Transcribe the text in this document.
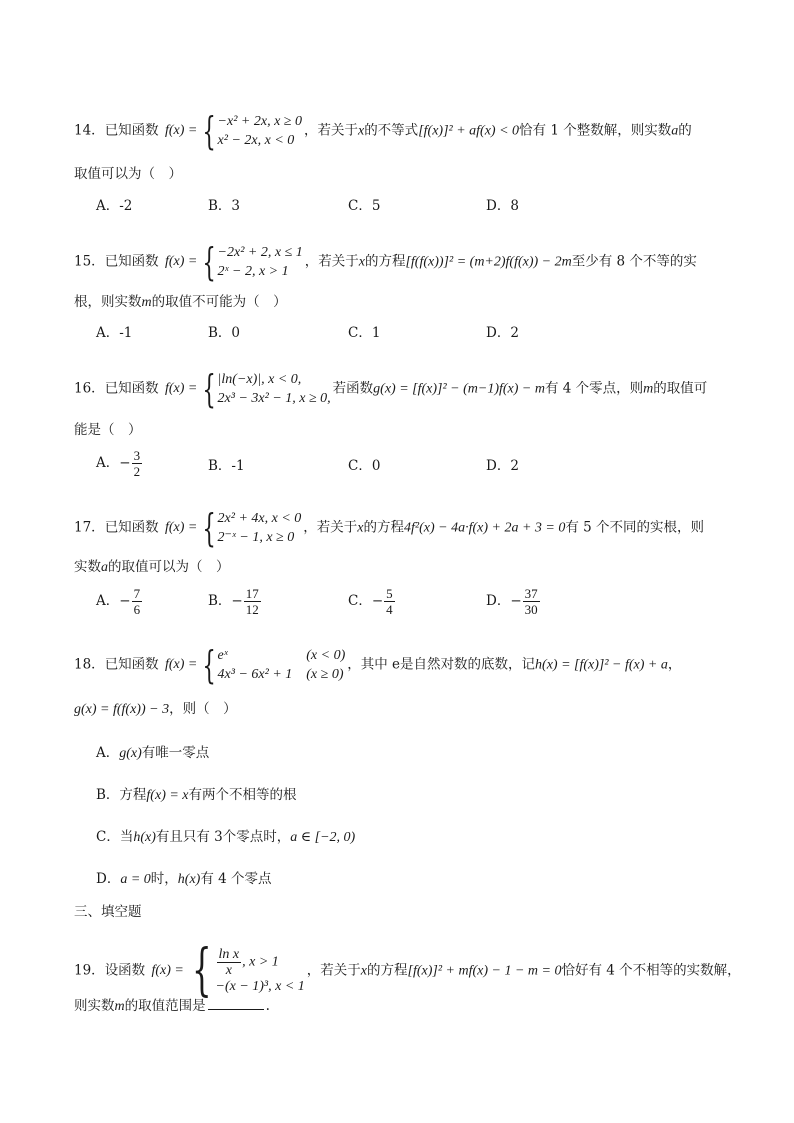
14．已知函数 f(x) = { −x² + 2x, x ≥ 0
x² − 2x, x < 0
，若关于x的不等式[f(x)]² + af(x) < 0恰有 1 个整数解，则实数a的
取值可以为（　）
A．-2	B．3	C．5	D．8
15．已知函数 f(x) = { −2x² + 2, x ≤ 1
2ˣ − 2, x > 1
，若关于x的方程[f(f(x))]² = (m+2)f(f(x)) − 2m至少有 8 个不等的实
根，则实数m的取值不可能为（　）
A．-1	B．0	C．1	D．2
16．已知函数 f(x) = { |ln(−x)|, x < 0,
2x³ − 3x² − 1, x ≥ 0,
若函数g(x) = [f(x)]² − (m−1)f(x) − m有 4 个零点，则m的取值可
能是（　）
A．− $\frac{3}{2}$	B．-1	C．0	D．2
17．已知函数 f(x) = { 2x² + 4x, x < 0
2⁻ˣ − 1, x ≥ 0
，若关于x的方程4f²(x) − 4a·f(x) + 2a + 3 = 0有 5 个不同的实根，则
实数a的取值可以为（　）
A．− $\frac{7}{6}$	B．− $\frac{17}{12}$	C．− $\frac{5}{4}$	D．− $\frac{37}{30}$
18．已知函数 f(x) = { eˣ	(x < 0)
4x³ − 6x² + 1 (x ≥ 0)
，其中 e是自然对数的底数，记h(x) = [f(x)]² − f(x) + a，
g(x) = f(f(x)) − 3，则（　）
A．g(x)有唯一零点
B．方程f(x) = x有两个不相等的根
C．当h(x)有且只有 3个零点时，a ∈ [−2, 0)
D．a = 0时，h(x)有 4 个零点
三、填空题
19．设函数 f(x) = { $\frac{\text{ln x}}{x}$ , x > 1
−(x − 1)³, x < 1
，若关于x的方程[f(x)]² + mf(x) − 1 − m = 0恰好有 4 个不相等的实数解，
则实数m的取值范围是	.
